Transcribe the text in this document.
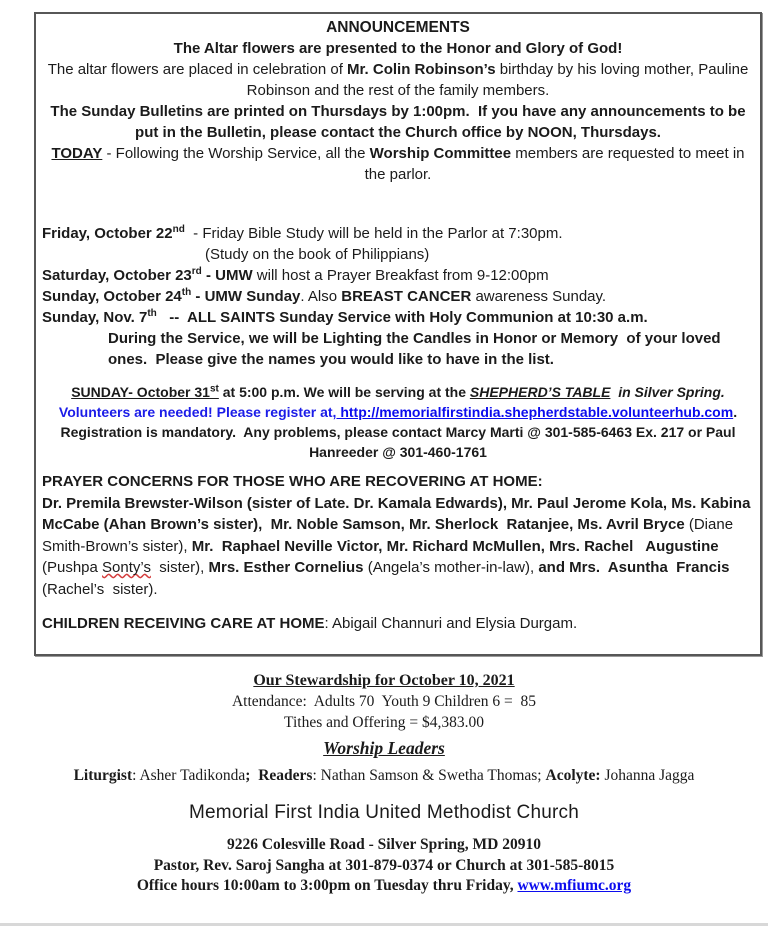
ANNOUNCEMENTS

The Altar flowers are presented to the Honor and Glory of God!

The altar flowers are placed in celebration of Mr. Colin Robinson’s birthday by his loving mother, Pauline Robinson and the rest of the family members.

The Sunday Bulletins are printed on Thursdays by 1:00pm.  If you have any announcements to be put in the Bulletin, please contact the Church office by NOON, Thursdays.

TODAY - Following the Worship Service, all the Worship Committee members are requested to meet in the parlor.

Friday, October 22nd  - Friday Bible Study will be held in the Parlor at 7:30pm.

(Study on the book of Philippians)

Saturday, October 23rd - UMW will host a Prayer Breakfast from 9-12:00pm

Sunday, October 24th - UMW Sunday. Also BREAST CANCER awareness Sunday.

Sunday, Nov. 7th   --  ALL SAINTS Sunday Service with Holy Communion at 10:30 a.m.

During the Service, we will be Lighting the Candles in Honor or Memory  of your loved ones.  Please give the names you would like to have in the list.

SUNDAY- October 31st at 5:00 p.m. We will be serving at the SHEPHERD’S TABLE  in Silver Spring.   Volunteers are needed! Please register at, http://memorialfirstindia.shepherdstable.volunteerhub.com.  Registration is mandatory.  Any problems, please contact Marcy Marti @ 301-585-6463 Ex. 217 or Paul Hanreeder @ 301-460-1761

PRAYER CONCERNS FOR THOSE WHO ARE RECOVERING AT HOME:

Dr. Premila Brewster-Wilson (sister of Late. Dr. Kamala Edwards), Mr. Paul Jerome Kola, Ms. Kabina McCabe (Ahan Brown’s sister),  Mr. Noble Samson, Mr. Sherlock  Ratanjee, Ms. Avril Bryce (Diane Smith-Brown’s sister), Mr.  Raphael Neville Victor, Mr. Richard McMullen, Mrs. Rachel   Augustine (Pushpa Sonty’s  sister), Mrs. Esther Cornelius (Angela’s mother-in-law), and Mrs.  Asuntha  Francis (Rachel’s  sister).

CHILDREN RECEIVING CARE AT HOME: Abigail Channuri and Elysia Durgam.

Our Stewardship for October 10, 2021

Attendance:  Adults 70  Youth 9 Children 6 =  85

Tithes and Offering = $4,383.00

Worship Leaders

Liturgist: Asher Tadikonda;  Readers: Nathan Samson & Swetha Thomas; Acolyte: Johanna Jagga

Memorial First India United Methodist Church

9226 Colesville Road - Silver Spring, MD 20910

Pastor, Rev. Saroj Sangha at 301-879-0374 or Church at 301-585-8015

Office hours 10:00am to 3:00pm on Tuesday thru Friday, www.mfiumc.org
